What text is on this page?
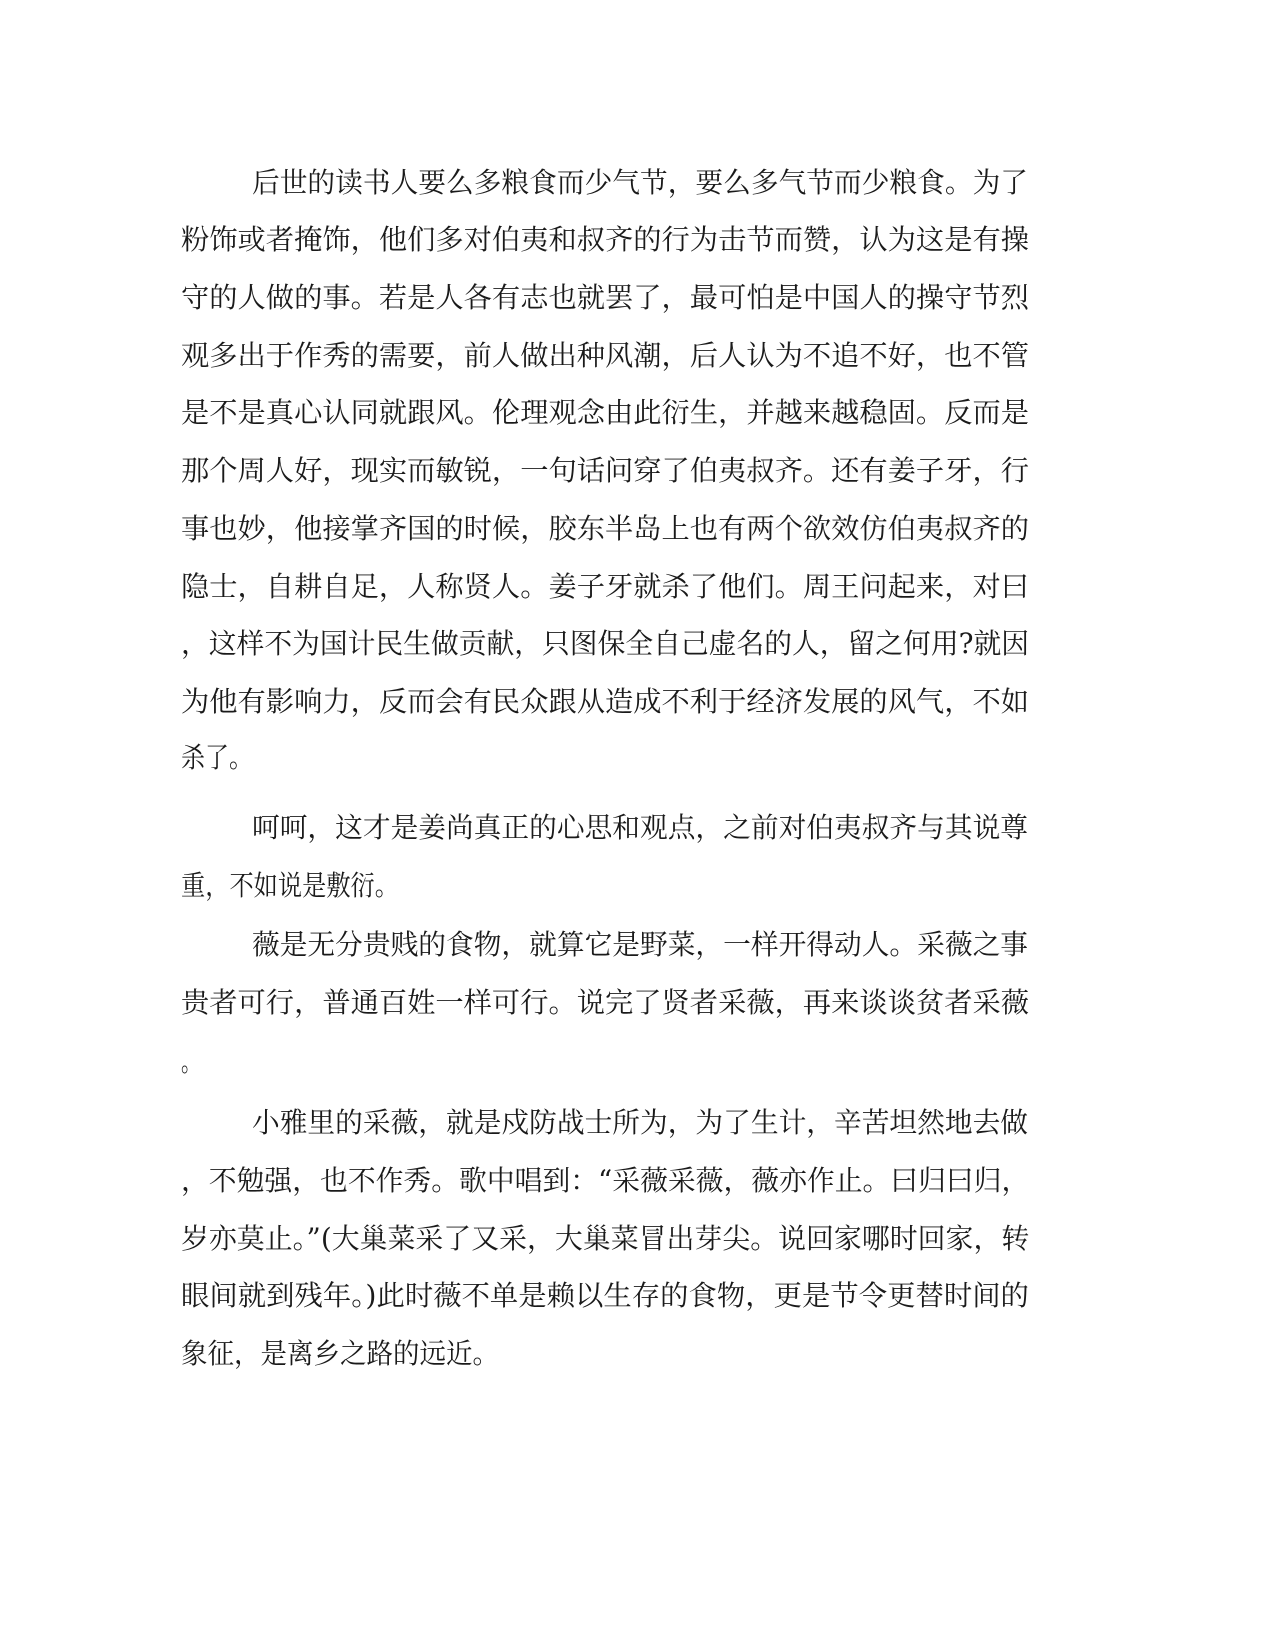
后世的读书人要么多粮食而少气节，要么多气节而少粮食。为了
粉饰或者掩饰，他们多对伯夷和叔齐的行为击节而赞，认为这是有操
守的人做的事。若是人各有志也就罢了，最可怕是中国人的操守节烈
观多出于作秀的需要，前人做出种风潮，后人认为不追不好，也不管
是不是真心认同就跟风。伦理观念由此衍生，并越来越稳固。反而是
那个周人好，现实而敏锐，一句话问穿了伯夷叔齐。还有姜子牙，行
事也妙，他接掌齐国的时候，胶东半岛上也有两个欲效仿伯夷叔齐的
隐士，自耕自足，人称贤人。姜子牙就杀了他们。周王问起来，对曰
，这样不为国计民生做贡献，只图保全自己虚名的人，留之何用?就因
为他有影响力，反而会有民众跟从造成不利于经济发展的风气，不如
杀了。
呵呵，这才是姜尚真正的心思和观点，之前对伯夷叔齐与其说尊
重，不如说是敷衍。
薇是无分贵贱的食物，就算它是野菜，一样开得动人。采薇之事
贵者可行，普通百姓一样可行。说完了贤者采薇，再来谈谈贫者采薇
。
小雅里的采薇，就是戍防战士所为，为了生计，辛苦坦然地去做
，不勉强，也不作秀。歌中唱到：“采薇采薇，薇亦作止。曰归曰归，
岁亦莫止。”(大巢菜采了又采，大巢菜冒出芽尖。说回家哪时回家，转
眼间就到残年。)此时薇不单是赖以生存的食物，更是节令更替时间的
象征，是离乡之路的远近。
